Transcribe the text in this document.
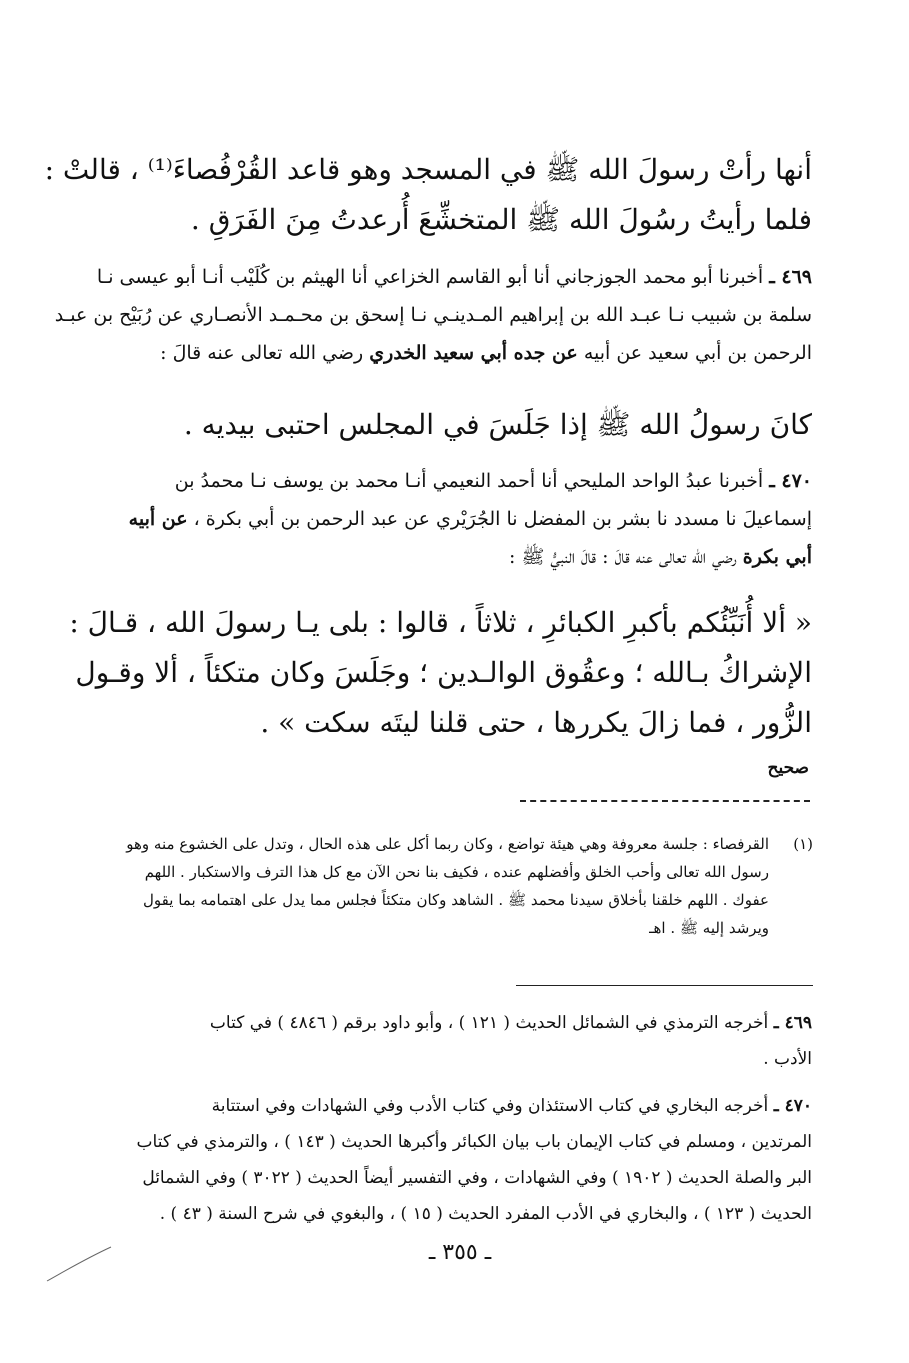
أنها رأتْ رسولَ الله ﷺ في المسجد وهو قاعد القُرْفُصاءَ⁽¹⁾ ، قالتْ :
فلما رأيتُ رسُولَ الله ﷺ المتخشِّعَ أُرعدتُ مِنَ الفَرَقِ .
٤٦٩ ـ أخبرنا أبو محمد الجوزجاني أنا أبو القاسم الخزاعي أنا الهيثم بن كُلَيْب أنـا أبو عيسى نـا
سلمة بن شبيب نـا عبـد الله بن إبراهيم المـدينـي نـا إسحق بن محـمـد الأنصـاري عن رُبَيْح بن عبـد
الرحمن بن أبي سعيد عن أبيه عن جده أبي سعيد الخدري رضي الله تعالى عنه قالَ :
كانَ رسولُ الله ﷺ إذا جَلَسَ في المجلس احتبى بيديه .
٤٧٠ ـ أخبرنا عبدُ الواحد المليحي أنا أحمد النعيمي أنـا محمد بن يوسف نـا محمدُ بن
إسماعيلَ نا مسدد نا بشر بن المفضل نا الجُرَيْري عن عبد الرحمن بن أبي بكرة ، عن أبيه
أبي بكرة رضي الله تعالى عنه قالَ : قالَ النبيُّ ﷺ :
« ألا أُنَبِّئُكم بأكبرِ الكبائرِ ، ثلاثاً ، قالوا : بلى يـا رسولَ الله ، قـالَ :
الإشراكُ بـالله ؛ وعقُوق الوالـدين ؛ وجَلَسَ وكان متكئاً ، ألا وقـول
الزُّور ، فما زالَ يكررها ، حتى قلنا ليتَه سكت » .
صحيح
(١)
القرفصاء : جلسة معروفة وهي هيئة تواضع ، وكان ربما أكل على هذه الحال ، وتدل على الخشوع منه وهو
رسول الله تعالى وأحب الخلق وأفضلهم عنده ، فكيف بنا نحن الآن مع كل هذا الترف والاستكبار . اللهم
عفوك . اللهم خلقنا بأخلاق سيدنا محمد ﷺ . الشاهد وكان متكئاً فجلس مما يدل على اهتمامه بما يقول
ويرشد إليه ﷺ . اهـ
٤٦٩ ـ أخرجه الترمذي في الشمائل الحديث ( ١٢١ ) ، وأبو داود برقم ( ٤٨٤٦ ) في كتاب
الأدب .
٤٧٠ ـ أخرجه البخاري في كتاب الاستئذان وفي كتاب الأدب وفي الشهادات وفي استتابة
المرتدين ، ومسلم في كتاب الإيمان باب بيان الكبائر وأكبرها الحديث ( ١٤٣ ) ، والترمذي في كتاب
البر والصلة الحديث ( ١٩٠٢ ) وفي الشهادات ، وفي التفسير أيضاً الحديث ( ٣٠٢٢ ) وفي الشمائل
الحديث ( ١٢٣ ) ، والبخاري في الأدب المفرد الحديث ( ١٥ ) ، والبغوي في شرح السنة ( ٤٣ ) .
ـ ٣٥٥ ـ
